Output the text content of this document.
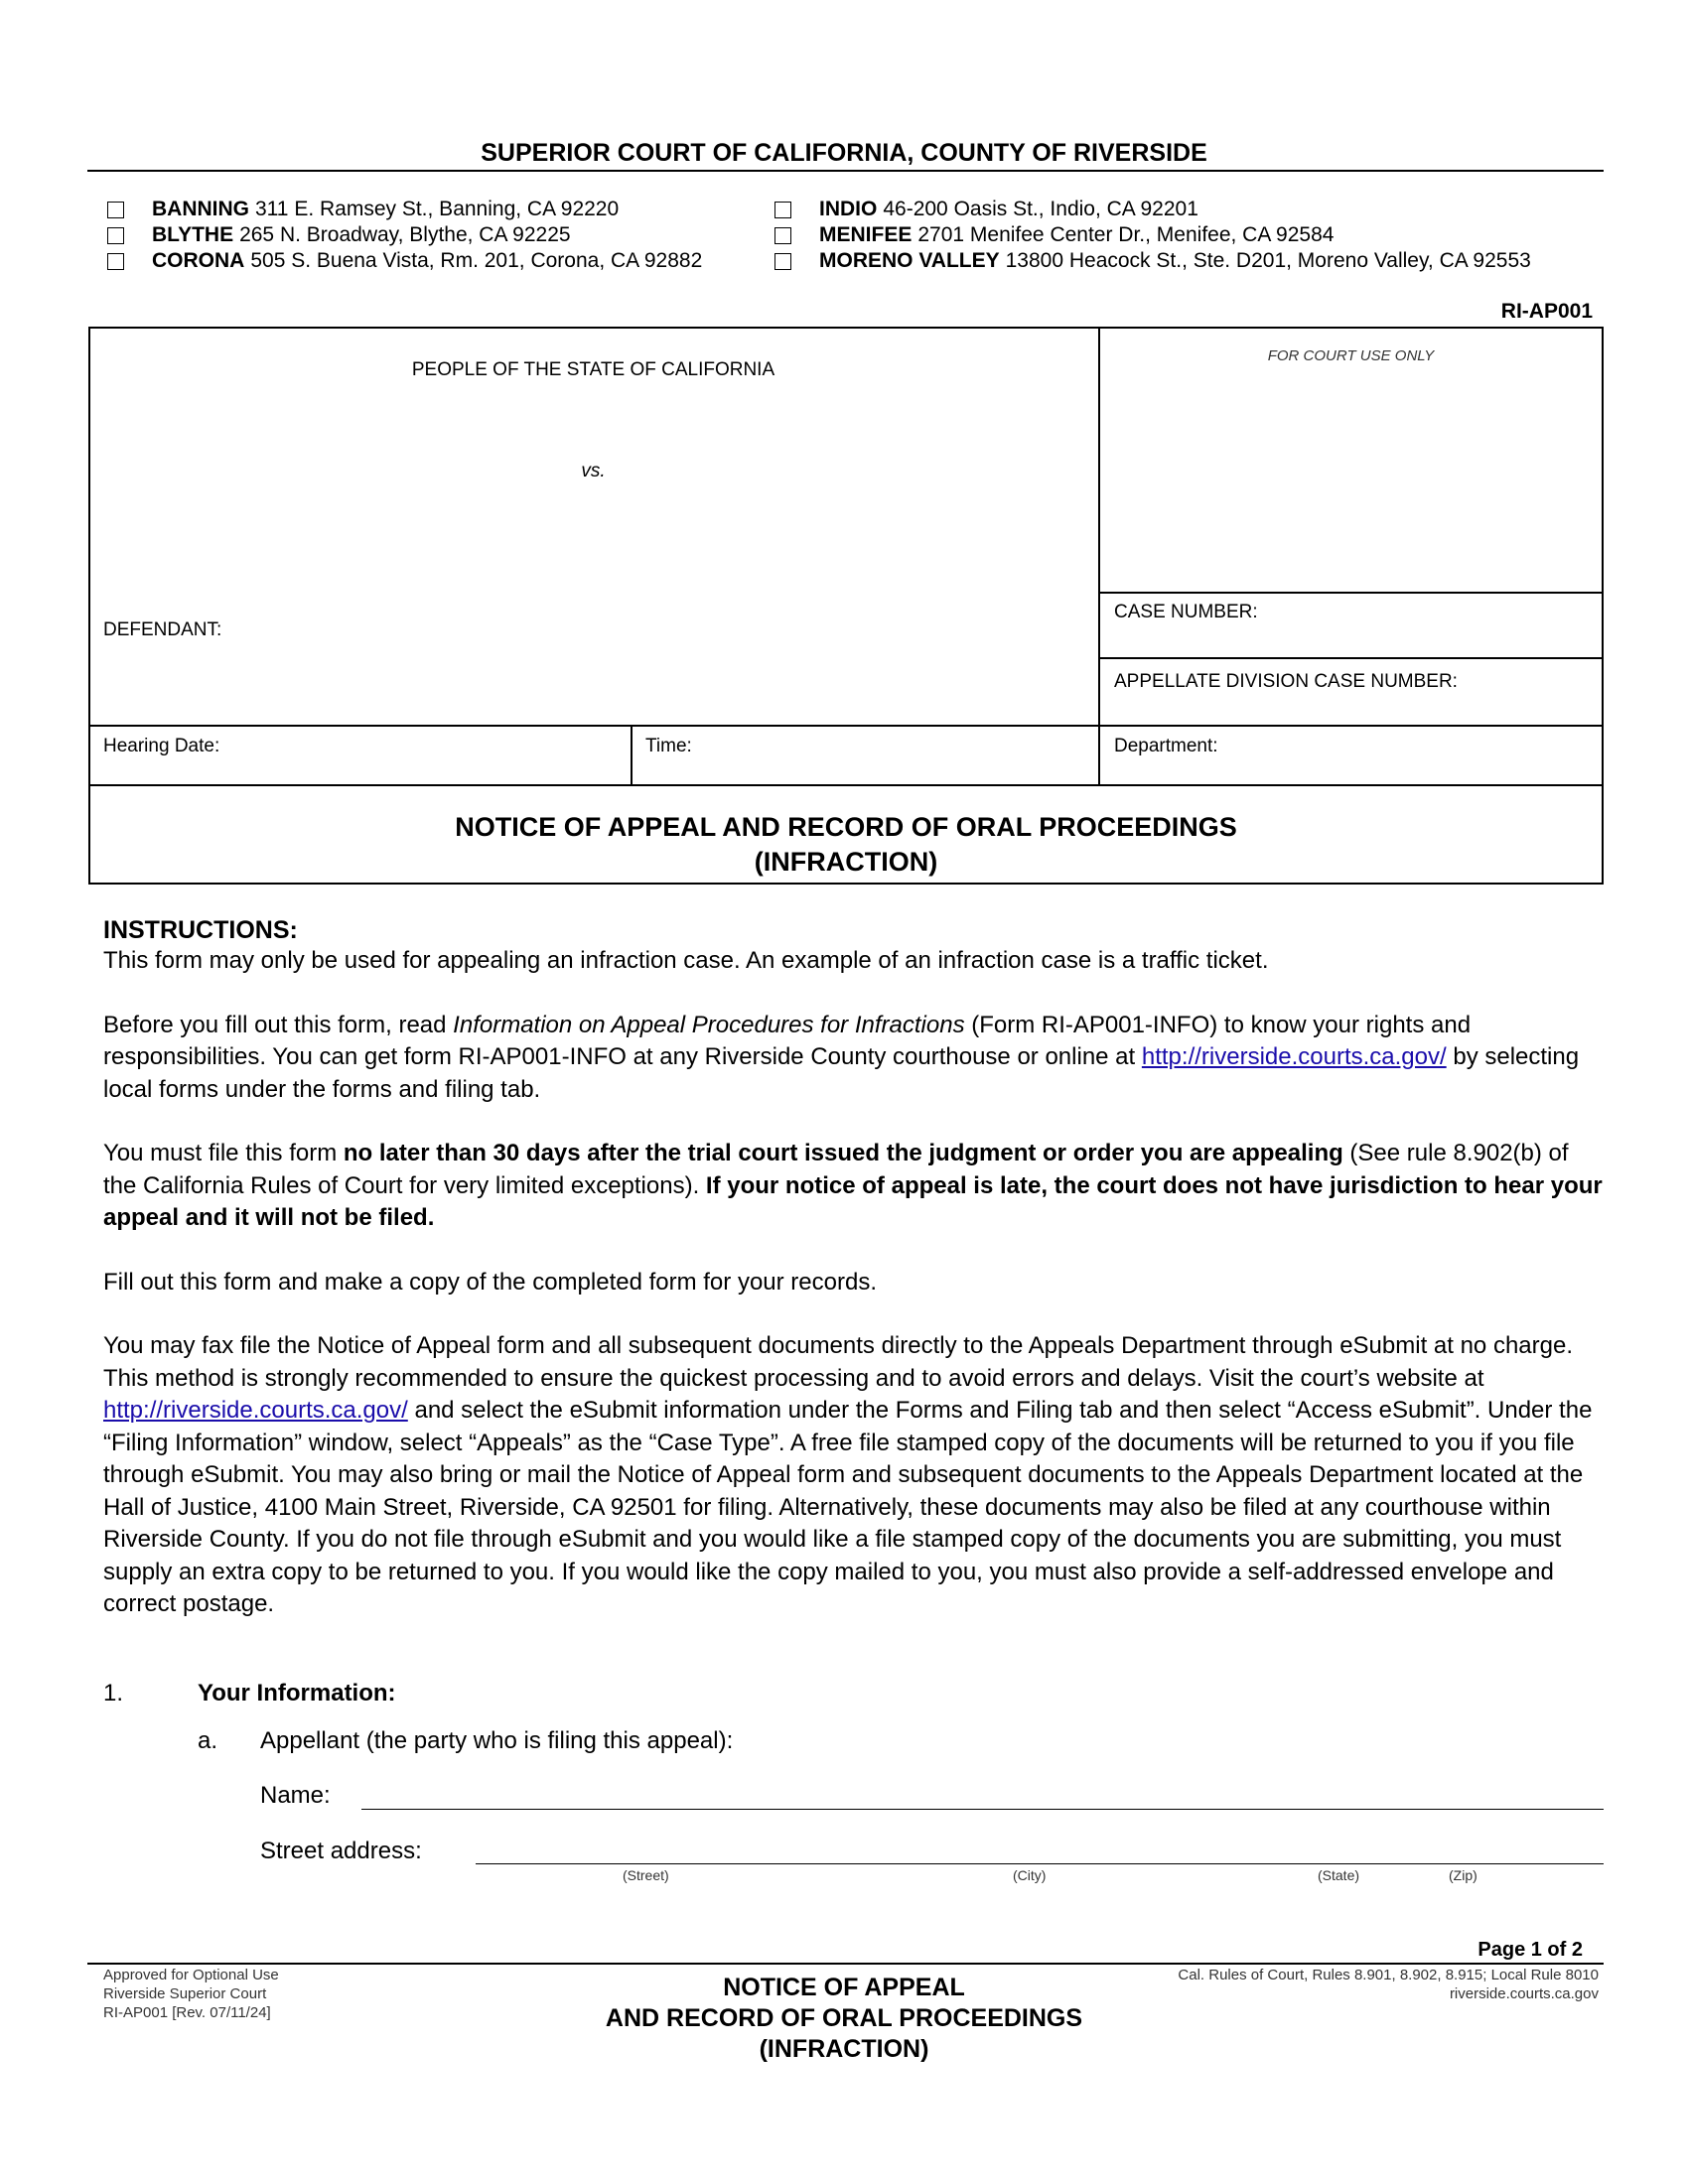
SUPERIOR COURT OF CALIFORNIA, COUNTY OF RIVERSIDE
BANNING 311 E. Ramsey St., Banning, CA 92220
BLYTHE 265 N. Broadway, Blythe, CA 92225
CORONA 505 S. Buena Vista, Rm. 201, Corona, CA 92882
INDIO 46-200 Oasis St., Indio, CA 92201
MENIFEE 2701 Menifee Center Dr., Menifee, CA 92584
MORENO VALLEY 13800 Heacock St., Ste. D201, Moreno Valley, CA 92553
RI-AP001
PEOPLE OF THE STATE OF CALIFORNIA
vs.
DEFENDANT:
FOR COURT USE ONLY
CASE NUMBER:
APPELLATE DIVISION CASE NUMBER:
Hearing Date:	Time:	Department:
NOTICE OF APPEAL AND RECORD OF ORAL PROCEEDINGS
(INFRACTION)
INSTRUCTIONS:

This form may only be used for appealing an infraction case. An example of an infraction case is a traffic ticket.

Before you fill out this form, read Information on Appeal Procedures for Infractions (Form RI-AP001-INFO) to know your rights and responsibilities. You can get form RI-AP001-INFO at any Riverside County courthouse or online at http://riverside.courts.ca.gov/ by selecting local forms under the forms and filing tab.

You must file this form no later than 30 days after the trial court issued the judgment or order you are appealing (See rule 8.902(b) of the California Rules of Court for very limited exceptions). If your notice of appeal is late, the court does not have jurisdiction to hear your appeal and it will not be filed.

Fill out this form and make a copy of the completed form for your records.

You may fax file the Notice of Appeal form and all subsequent documents directly to the Appeals Department through eSubmit at no charge. This method is strongly recommended to ensure the quickest processing and to avoid errors and delays. Visit the court’s website at http://riverside.courts.ca.gov/ and select the eSubmit information under the Forms and Filing tab and then select “Access eSubmit”. Under the “Filing Information” window, select “Appeals” as the “Case Type”. A free file stamped copy of the documents will be returned to you if you file through eSubmit. You may also bring or mail the Notice of Appeal form and subsequent documents to the Appeals Department located at the Hall of Justice, 4100 Main Street, Riverside, CA 92501 for filing. Alternatively, these documents may also be filed at any courthouse within Riverside County. If you do not file through eSubmit and you would like a file stamped copy of the documents you are submitting, you must supply an extra copy to be returned to you. If you would like the copy mailed to you, you must also provide a self-addressed envelope and correct postage.

1.	Your Information:
a. Appellant (the party who is filing this appeal):
Name:
Street address:
(Street)	(City)	(State)	(Zip)
Page 1 of 2
Approved for Optional Use
Riverside Superior Court
RI-AP001 [Rev. 07/11/24]
NOTICE OF APPEAL
AND RECORD OF ORAL PROCEEDINGS
(INFRACTION)
Cal. Rules of Court, Rules 8.901, 8.902, 8.915; Local Rule 8010
riverside.courts.ca.gov
